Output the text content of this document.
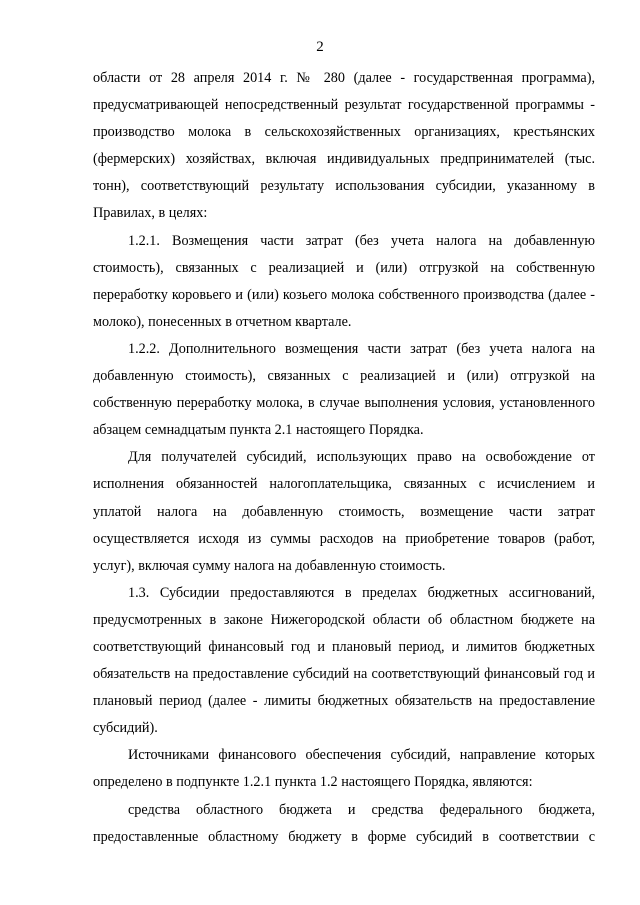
2

области от 28 апреля 2014 г. № 280 (далее - государственная программа), предусматривающей непосредственный результат государственной программы - производство молока в сельскохозяйственных организациях, крестьянских (фермерских) хозяйствах, включая индивидуальных предпринимателей (тыс. тонн), соответствующий результату использования субсидии, указанному в Правилах, в целях:

1.2.1. Возмещения части затрат (без учета налога на добавленную стоимость), связанных с реализацией и (или) отгрузкой на собственную переработку коровьего и (или) козьего молока собственного производства (далее - молоко), понесенных в отчетном квартале.

1.2.2. Дополнительного возмещения части затрат (без учета налога на добавленную стоимость), связанных с реализацией и (или) отгрузкой на собственную переработку молока, в случае выполнения условия, установленного абзацем семнадцатым пункта 2.1 настоящего Порядка.

Для получателей субсидий, использующих право на освобождение от исполнения обязанностей налогоплательщика, связанных с исчислением и уплатой налога на добавленную стоимость, возмещение части затрат осуществляется исходя из суммы расходов на приобретение товаров (работ, услуг), включая сумму налога на добавленную стоимость.

1.3. Субсидии предоставляются в пределах бюджетных ассигнований, предусмотренных в законе Нижегородской области об областном бюджете на соответствующий финансовый год и плановый период, и лимитов бюджетных обязательств на предоставление субсидий на соответствующий финансовый год и плановый период (далее - лимиты бюджетных обязательств на предоставление субсидий).

Источниками финансового обеспечения субсидий, направление которых определено в подпункте 1.2.1 пункта 1.2 настоящего Порядка, являются:

средства областного бюджета и средства федерального бюджета, предоставленные областному бюджету в форме субсидий в соответствии с
